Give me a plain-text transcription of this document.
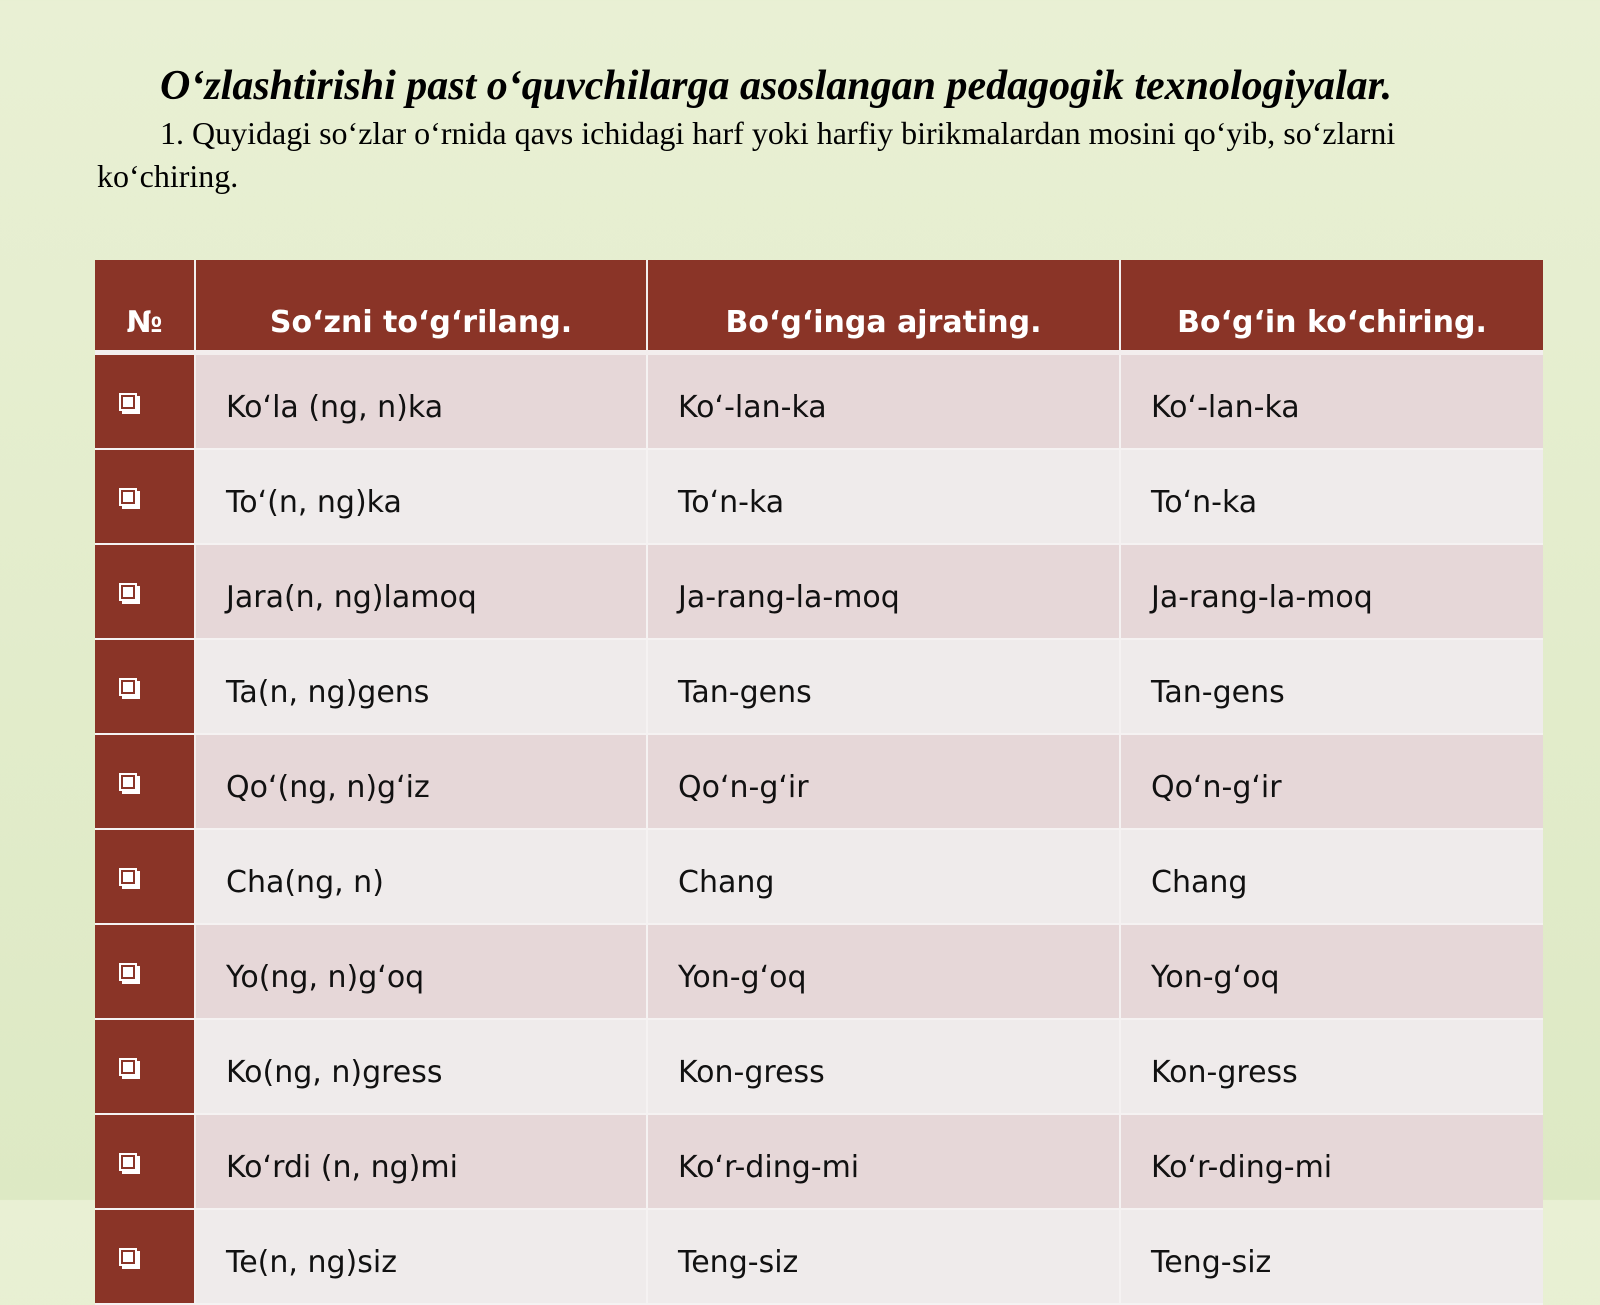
O‘zlashtirishi past o‘quvchilarga asoslangan pedagogik texnologiyalar.
1. Quyidagi so‘zlar o‘rnida qavs ichidagi harf yoki harfiy birikmalardan mosini qo‘yib, so‘zlarni ko‘chiring.
№	So‘zni to‘g‘rilang.	Bo‘g‘inga ajrating.	Bo‘g‘in ko‘chiring.
	Ko‘la (ng, n)ka	Ko‘-lan-ka	Ko‘-lan-ka
	To‘(n, ng)ka	To‘n-ka	To‘n-ka
	Jara(n, ng)lamoq	Ja-rang-la-moq	Ja-rang-la-moq
	Ta(n, ng)gens	Tan-gens	Tan-gens
	Qo‘(ng, n)g‘iz	Qo‘n-g‘ir	Qo‘n-g‘ir
	Cha(ng, n)	Chang	Chang
	Yo(ng, n)g‘oq	Yon-g‘oq	Yon-g‘oq
	Ko(ng, n)gress	Kon-gress	Kon-gress
	Ko‘rdi (n, ng)mi	Ko‘r-ding-mi	Ko‘r-ding-mi
	Te(n, ng)siz	Teng-siz	Teng-siz
